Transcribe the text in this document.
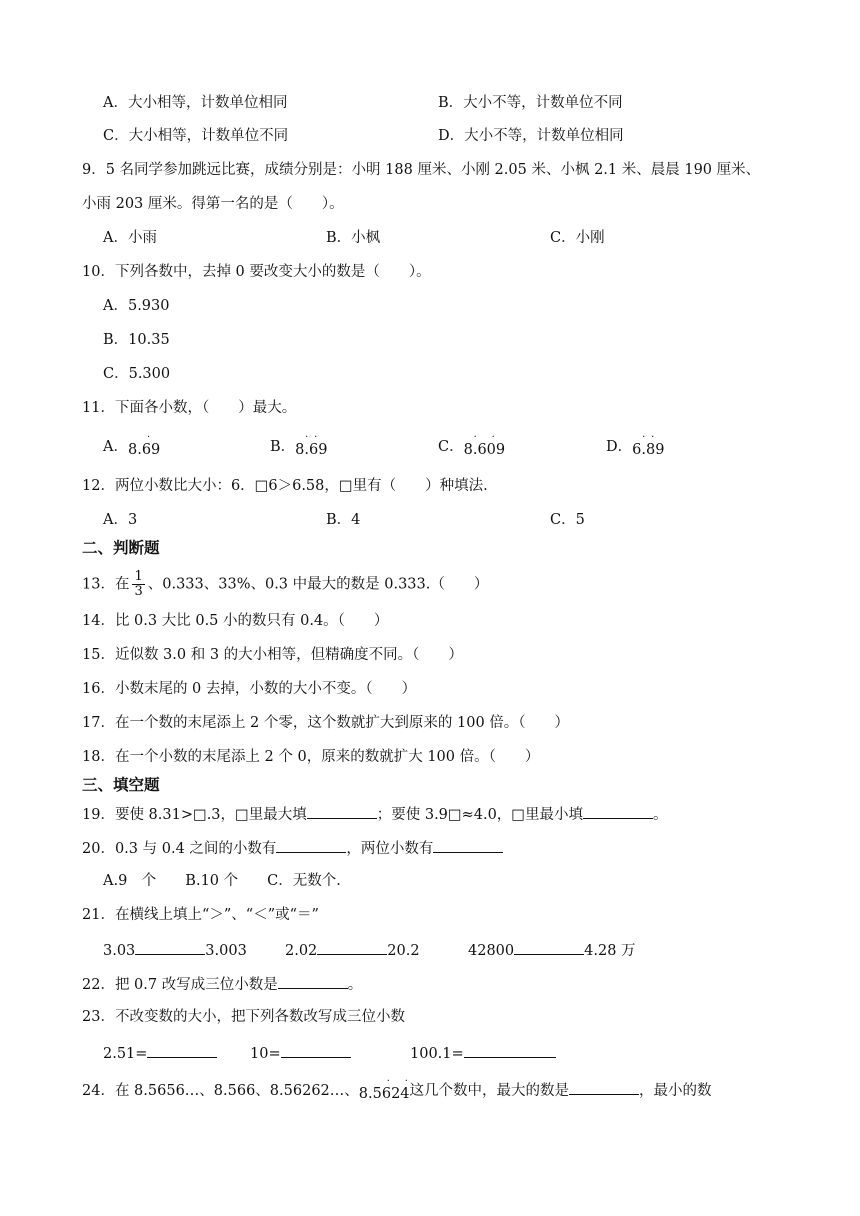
A．大小相等，计数单位相同	B．大小不等，计数单位不同
C．大小相等，计数单位不同	D．大小不等，计数单位相同
9．5 名同学参加跳远比赛，成绩分别是：小明 188 厘米、小刚 2.05 米、小枫 2.1 米、晨晨 190 厘米、
小雨 203 厘米。得第一名的是（　　）。
A．小雨	B．小枫	C．小刚
10．下列各数中，去掉 0 要改变大小的数是（　　）。
A．5.930
B．10.35
C．5.300
11．下面各小数，（　　）最大。
A．8.69
·
B．8.69
· ·
C．8.609
· ·
D．6.89
· ·
12．两位小数比大小：6．□6＞6.58，□里有（　　）种填法.
A．3	B．4	C．5
二、判断题
13．在 $\frac{1}{3}$ 、0.333、33%、0.3 中最大的数是 0.333.（　　）
14．比 0.3 大比 0.5 小的数只有 0.4。（　　）
15．近似数 3.0 和 3 的大小相等，但精确度不同。（　　）
16．小数末尾的 0 去掉，小数的大小不变。（　　）
17．在一个数的末尾添上 2 个零，这个数就扩大到原来的 100 倍。（　　）
18．在一个小数的末尾添上 2 个 0，原来的数就扩大 100 倍。（　　）
三、填空题
19．要使 8.31>□.3，□里最大填	；要使 3.9□≈4.0，□里最小填	。
20．0.3 与 0.4 之间的小数有	，两位小数有
A.9　个　　B.10 个　　C．无数个.
21．在横线上填上“＞”、“＜”或“＝”
3.03	3.003	2.02	20.2	42800	4.28 万
22．把 0.7 改写成三位小数是	。
23．不改变数的大小，把下列各数改写成三位小数
2.51=	10=	100.1=
24．在 8.5656…、8.566、8.56262…、8.5624
· ·
这几个数中，最大的数是	，最小的数
